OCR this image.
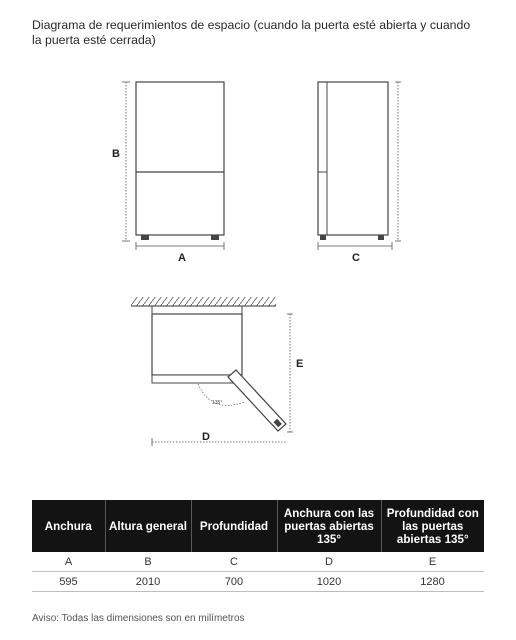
Diagrama de requerimientos de espacio (cuando la puerta esté abierta y cuando la puerta esté cerrada)
B
A	C
135°
E
D
Anchura	Altura general	Profundidad	Anchura con las puertas abiertas 135°	Profundidad con las puertas abiertas 135°
A	B	C	D	E
595	2010	700	1020	1280
Aviso: Todas las dimensiones son en milímetros
